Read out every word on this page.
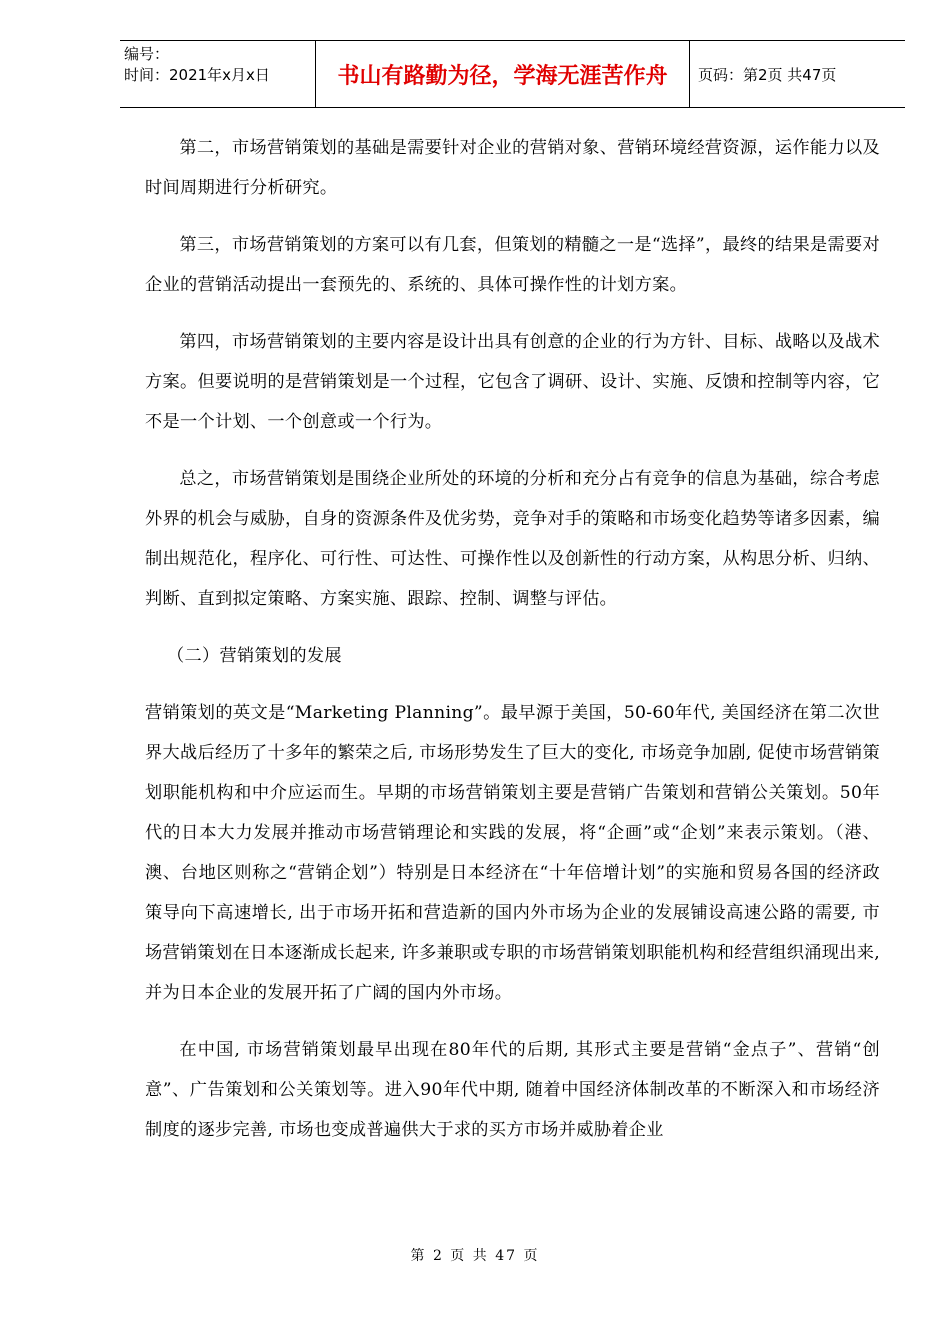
编号：
时间：2021年x月x日	书山有路勤为径，学海无涯苦作舟	页码：第2页 共47页

第二，市场营销策划的基础是需要针对企业的营销对象、营销环境经营资源，运作能力以及时间周期进行分析研究。

第三，市场营销策划的方案可以有几套，但策划的精髓之一是“选择”，最终的结果是需要对企业的营销活动提出一套预先的、系统的、具体可操作性的计划方案。

第四，市场营销策划的主要内容是设计出具有创意的企业的行为方针、目标、战略以及战术方案。但要说明的是营销策划是一个过程，它包含了调研、设计、实施、反馈和控制等内容，它不是一个计划、一个创意或一个行为。

总之，市场营销策划是围绕企业所处的环境的分析和充分占有竞争的信息为基础，综合考虑外界的机会与威胁，自身的资源条件及优劣势，竞争对手的策略和市场变化趋势等诸多因素，编制出规范化，程序化、可行性、可达性、可操作性以及创新性的行动方案，从构思分析、归纳、判断、直到拟定策略、方案实施、跟踪、控制、调整与评估。

（二）营销策划的发展

营销策划的英文是“Marketing Planning”。最早源于美国，50-60年代, 美国经济在第二次世界大战后经历了十多年的繁荣之后, 市场形势发生了巨大的变化, 市场竞争加剧, 促使市场营销策划职能机构和中介应运而生。早期的市场营销策划主要是营销广告策划和营销公关策划。50年代的日本大力发展并推动市场营销理论和实践的发展，将“企画”或“企划”来表示策划。（港、澳、台地区则称之“营销企划”）特别是日本经济在“十年倍增计划”的实施和贸易各国的经济政策导向下高速增长, 出于市场开拓和营造新的国内外市场为企业的发展铺设高速公路的需要, 市场营销策划在日本逐渐成长起来, 许多兼职或专职的市场营销策划职能机构和经营组织涌现出来, 并为日本企业的发展开拓了广阔的国内外市场。

在中国, 市场营销策划最早出现在80年代的后期, 其形式主要是营销“金点子”、营销“创意”、广告策划和公关策划等。进入90年代中期, 随着中国经济体制改革的不断深入和市场经济制度的逐步完善, 市场也变成普遍供大于求的买方市场并威胁着企业

第 2 页 共 47 页
